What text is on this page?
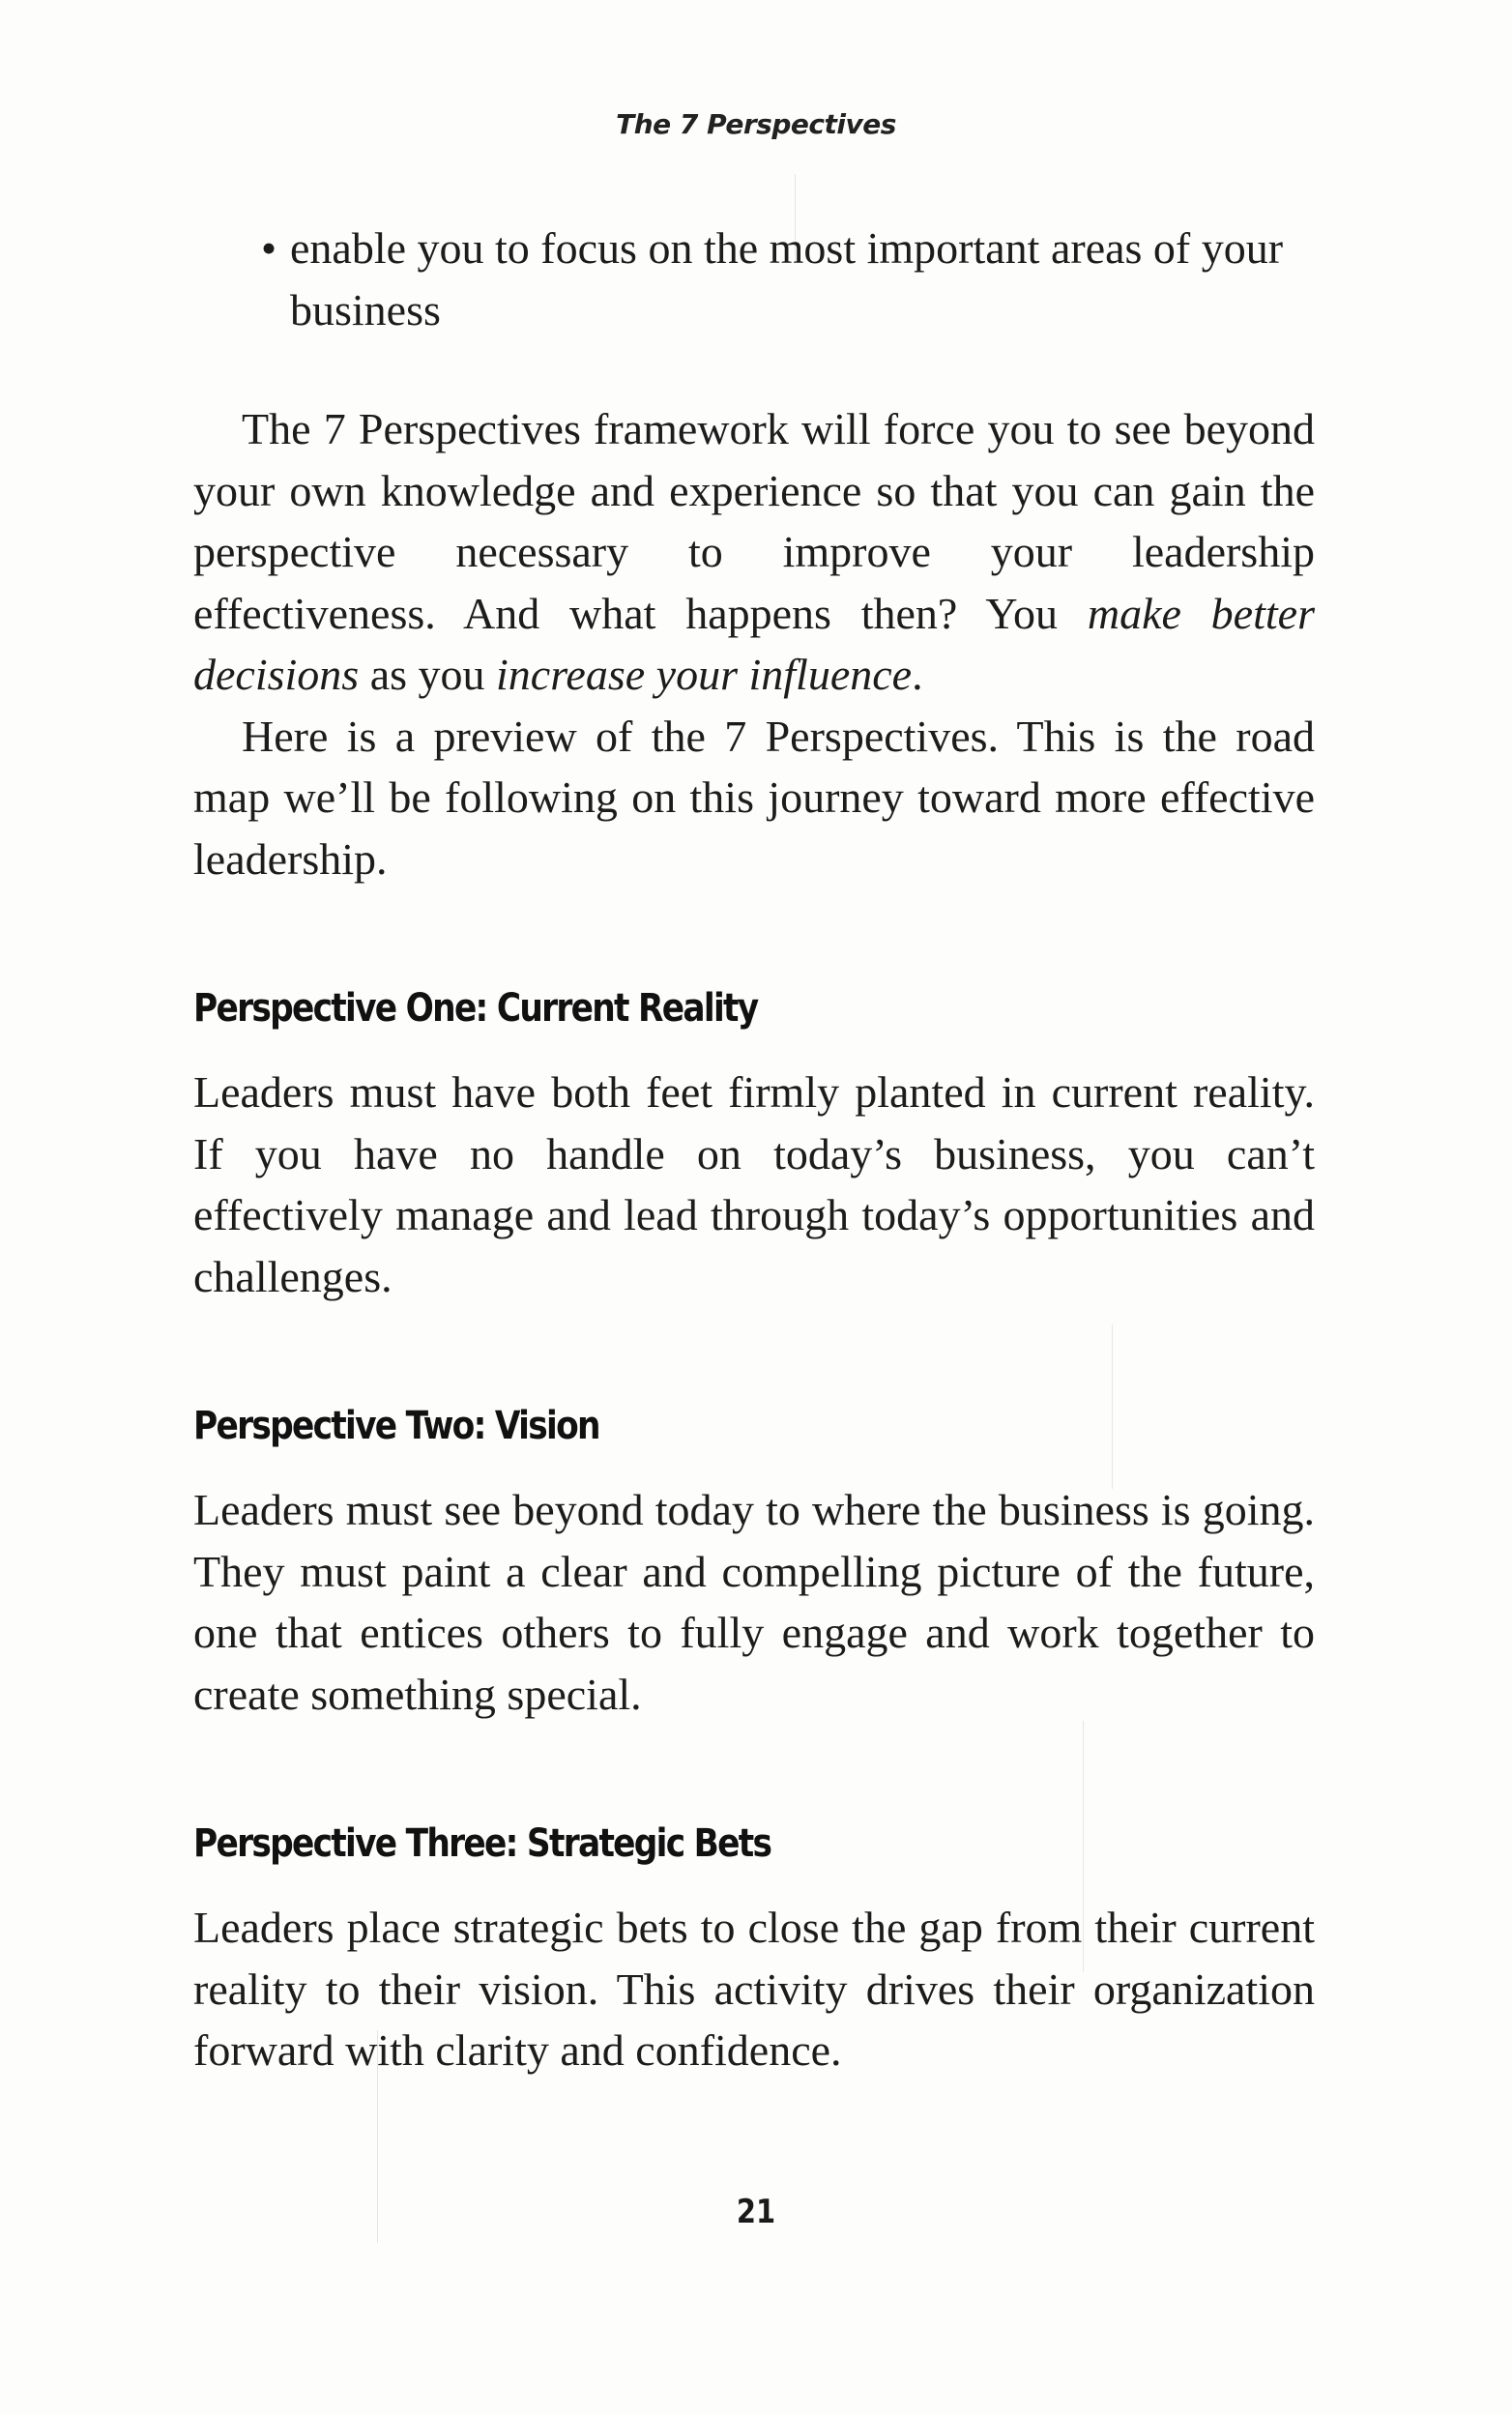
The 7 Perspectives
• enable you to focus on the most important areas of your business

The 7 Perspectives framework will force you to see beyond your own knowledge and experience so that you can gain the perspective necessary to improve your leadership effectiveness. And what happens then? You make better decisions as you increase your influence.

Here is a preview of the 7 Perspectives. This is the road map we’ll be following on this journey toward more effective leadership.

Perspective One: Current Reality

Leaders must have both feet firmly planted in current reality. If you have no handle on today’s business, you can’t effectively manage and lead through today’s opportunities and challenges.

Perspective Two: Vision

Leaders must see beyond today to where the business is going. They must paint a clear and compelling picture of the future, one that entices others to fully engage and work together to create something special.

Perspective Three: Strategic Bets

Leaders place strategic bets to close the gap from their current reality to their vision. This activity drives their organization forward with clarity and confidence.

21
